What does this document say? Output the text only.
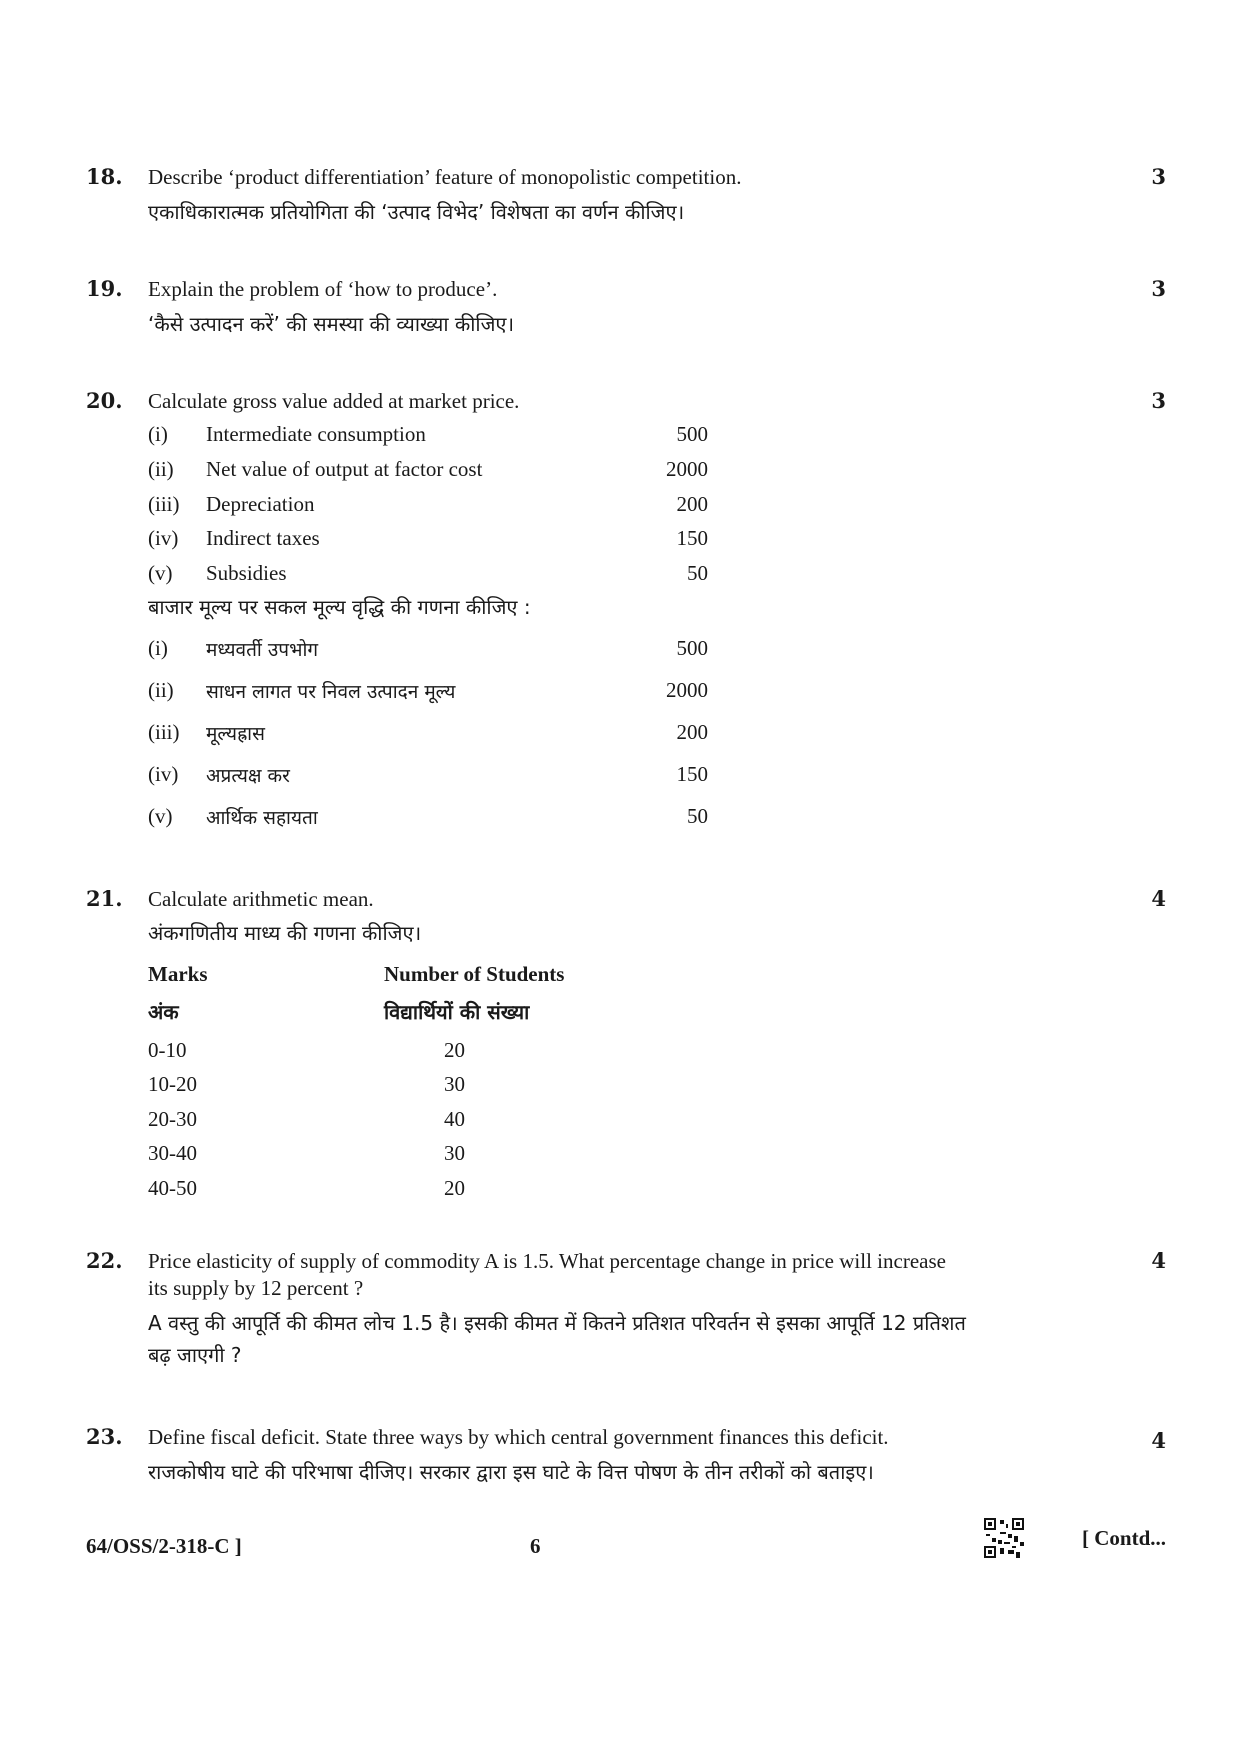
18. Describe ‘product differentiation’ feature of monopolistic competition.
एकाधिकारात्मक प्रतियोगिता की ‘उत्पाद विभेद’ विशेषता का वर्णन कीजिए।
3
19. Explain the problem of ‘how to produce’.
‘कैसे उत्पादन करें’ की समस्या की व्याख्या कीजिए।
3
20. Calculate gross value added at market price.	3
(i) Intermediate consumption	500
(ii) Net value of output at factor cost	2000
(iii) Depreciation	200
(iv) Indirect taxes	150
(v) Subsidies	50
बाजार मूल्य पर सकल मूल्य वृद्धि की गणना कीजिए :
(i) मध्यवर्ती उपभोग	500
(ii) साधन लागत पर निवल उत्पादन मूल्य	2000
(iii) मूल्यह्रास	200
(iv) अप्रत्यक्ष कर	150
(v) आर्थिक सहायता	50
21. Calculate arithmetic mean.
अंकगणितीय माध्य की गणना कीजिए।
4
Marks	Number of Students
अंक	विद्यार्थियों की संख्या
0-10	20
10-20	30
20-30	40
30-40	30
40-50	20
22. Price elasticity of supply of commodity A is 1.5. What percentage change in price will increase
its supply by 12 percent ?
A वस्तु की आपूर्ति की कीमत लोच 1.5 है। इसकी कीमत में कितने प्रतिशत परिवर्तन से इसका आपूर्ति 12 प्रतिशत
बढ़ जाएगी ?
4
23. Define fiscal deficit. State three ways by which central government finances this deficit.
राजकोषीय घाटे की परिभाषा दीजिए। सरकार द्वारा इस घाटे के वित्त पोषण के तीन तरीकों को बताइए।
4
64/OSS/2-318-C ]	6	[ Contd...
